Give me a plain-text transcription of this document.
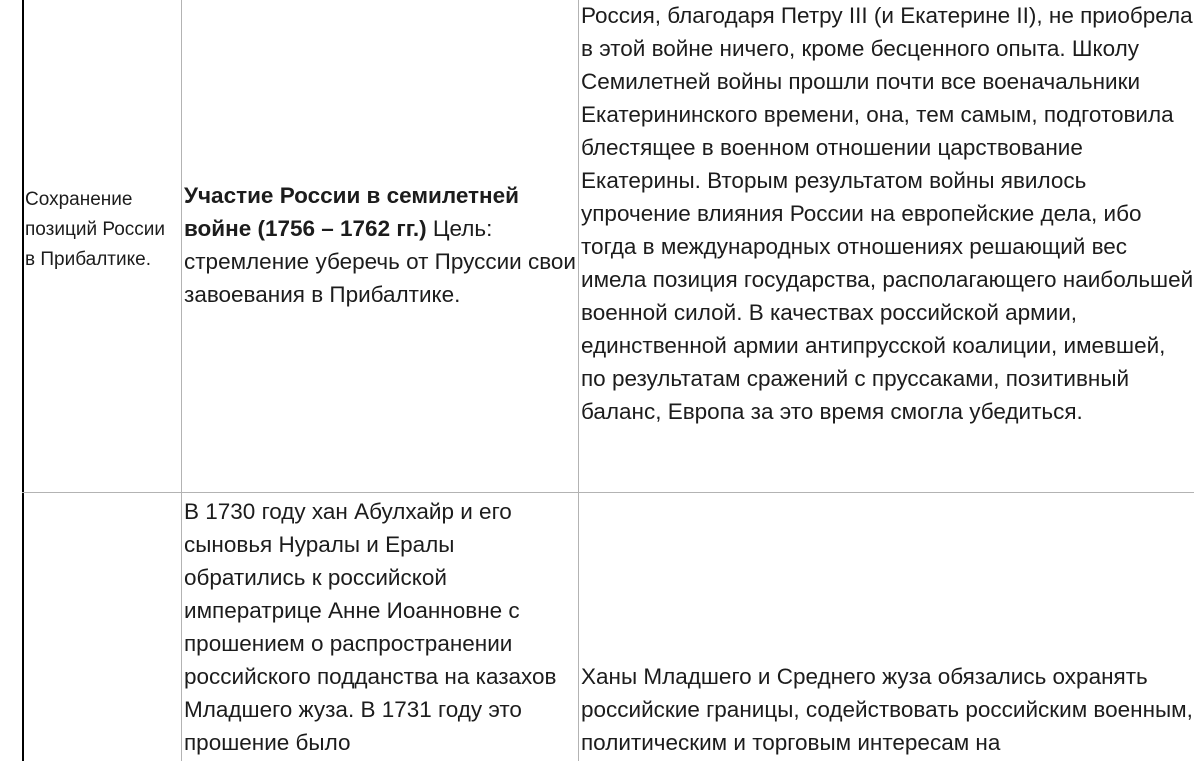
Сохранение позиций России в Прибалтике.

Участие России в семилетней войне (1756 – 1762 гг.) Цель: стремление уберечь от Пруссии свои завоевания в Прибалтике.

Россия, благодаря Петру III (и Екатерине II), не приобрела в этой войне ничего, кроме бесценного опыта. Школу Семилетней войны прошли почти все военачальники Екатерининского времени, она, тем самым, подготовила блестящее в военном отношении царствование Екатерины. Вторым результатом войны явилось упрочение влияния России на европейские дела, ибо тогда в международных отношениях решающий вес имела позиция государства, располагающего наибольшей военной силой. В качествах российской армии, единственной армии антипрусской коалиции, имевшей, по результатам сражений с пруссаками, позитивный баланс, Европа за это время смогла убедиться.

В 1730 году хан Абулхайр и его сыновья Нуралы и Ералы обратились к российской императрице Анне Иоанновне с прошением о распространении российского подданства на казахов Младшего жуза. В 1731 году это прошение было

Ханы Младшего и Среднего жуза обязались охранять российские границы, содействовать российским военным, политическим и торговым интересам на
